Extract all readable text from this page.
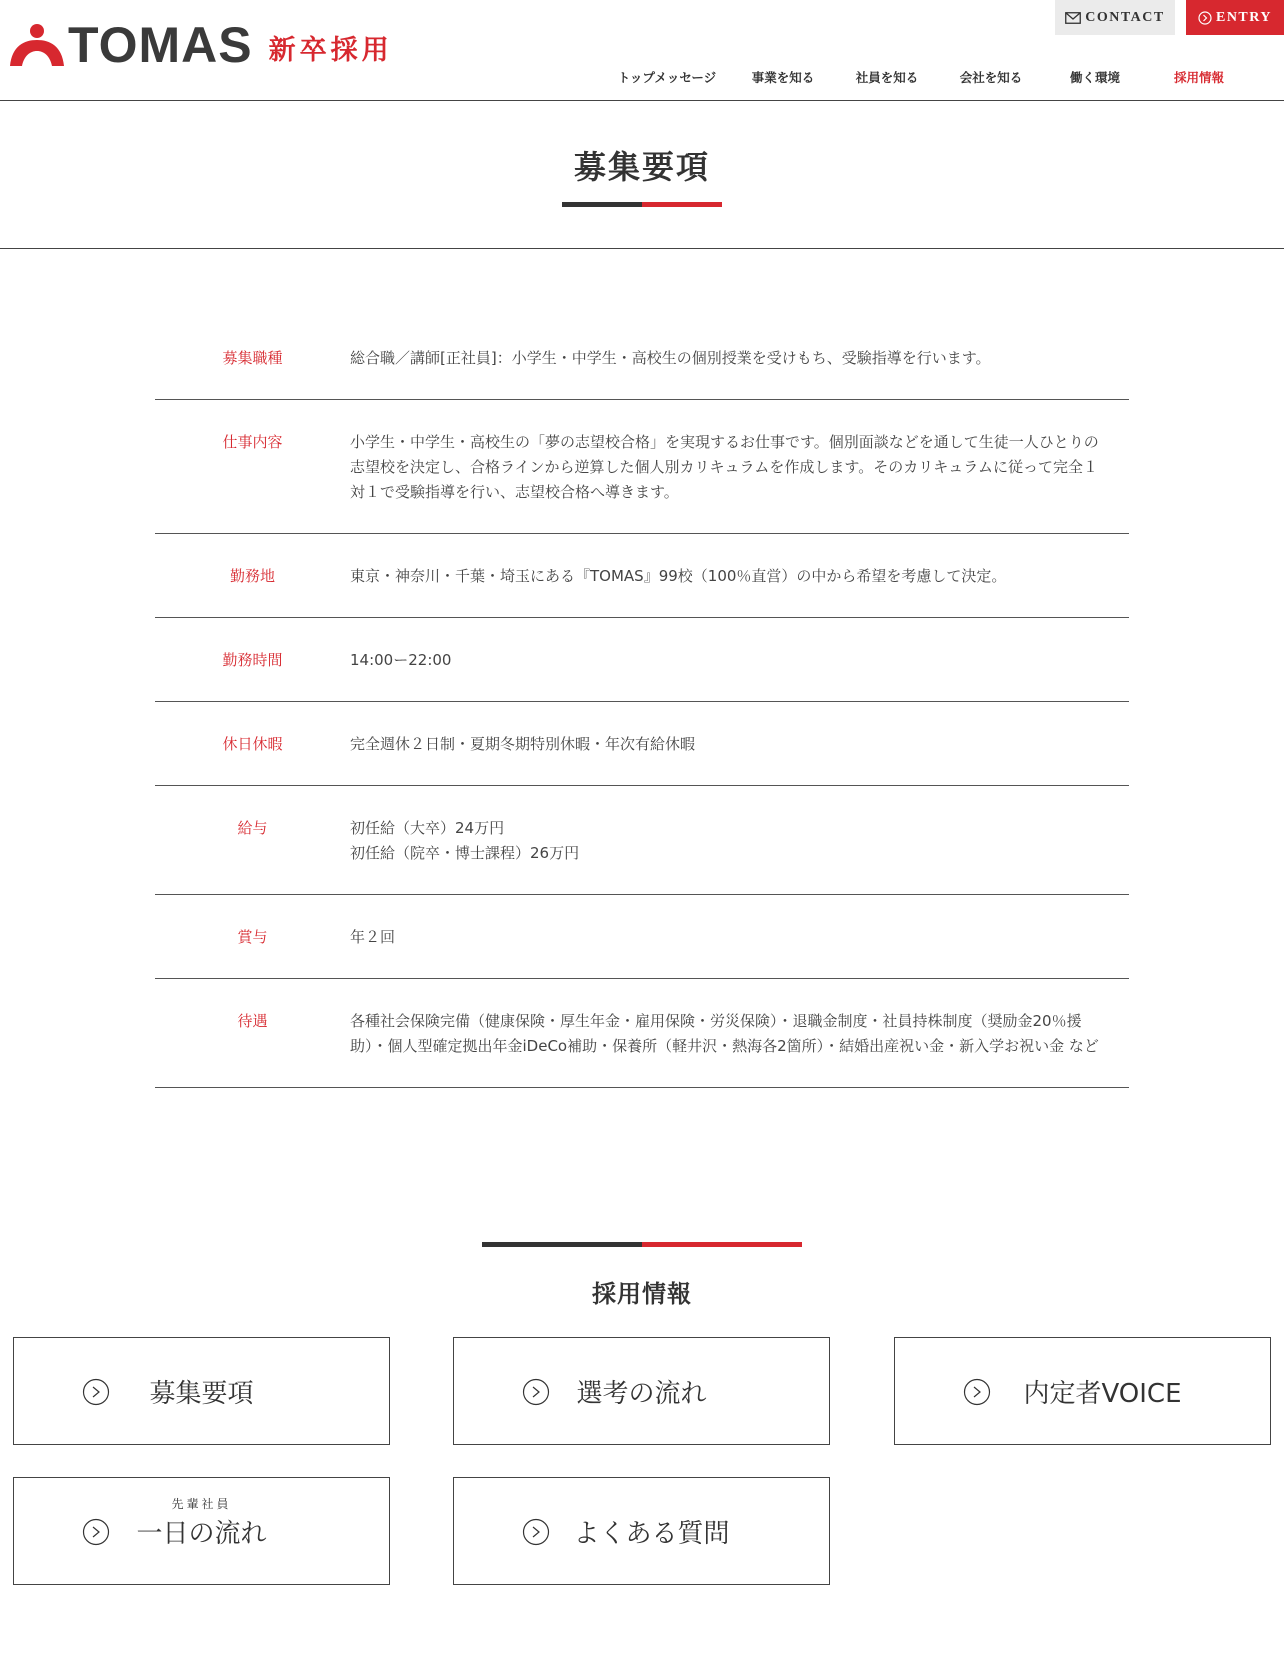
TOMAS 新卒採用
CONTACT	ENTRY
トップメッセージ	事業を知る	社員を知る	会社を知る	働く環境	採用情報
募集要項
募集職種	総合職／講師[正社員]：小学生・中学生・高校生の個別授業を受けもち、受験指導を行います。
仕事内容	小学生・中学生・高校生の「夢の志望校合格」を実現するお仕事です。個別面談などを通して生徒一人ひとりの志望校を決定し、合格ラインから逆算した個人別カリキュラムを作成します。そのカリキュラムに従って完全１対１で受験指導を行い、志望校合格へ導きます。
勤務地	東京・神奈川・千葉・埼玉にある『TOMAS』99校（100％直営）の中から希望を考慮して決定。
勤務時間	14:00ー22:00
休日休暇	完全週休２日制・夏期冬期特別休暇・年次有給休暇
給与	初任給（大卒）24万円
初任給（院卒・博士課程）26万円
賞与	年２回
待遇	各種社会保険完備（健康保険・厚生年金・雇用保険・労災保険）・退職金制度・社員持株制度（奨励金20％援助）・個人型確定拠出年金iDeCo補助・保養所（軽井沢・熱海各2箇所）・結婚出産祝い金・新入学お祝い金 など
採用情報
募集要項	選考の流れ	内定者VOICE
先輩社員
一日の流れ	よくある質問
